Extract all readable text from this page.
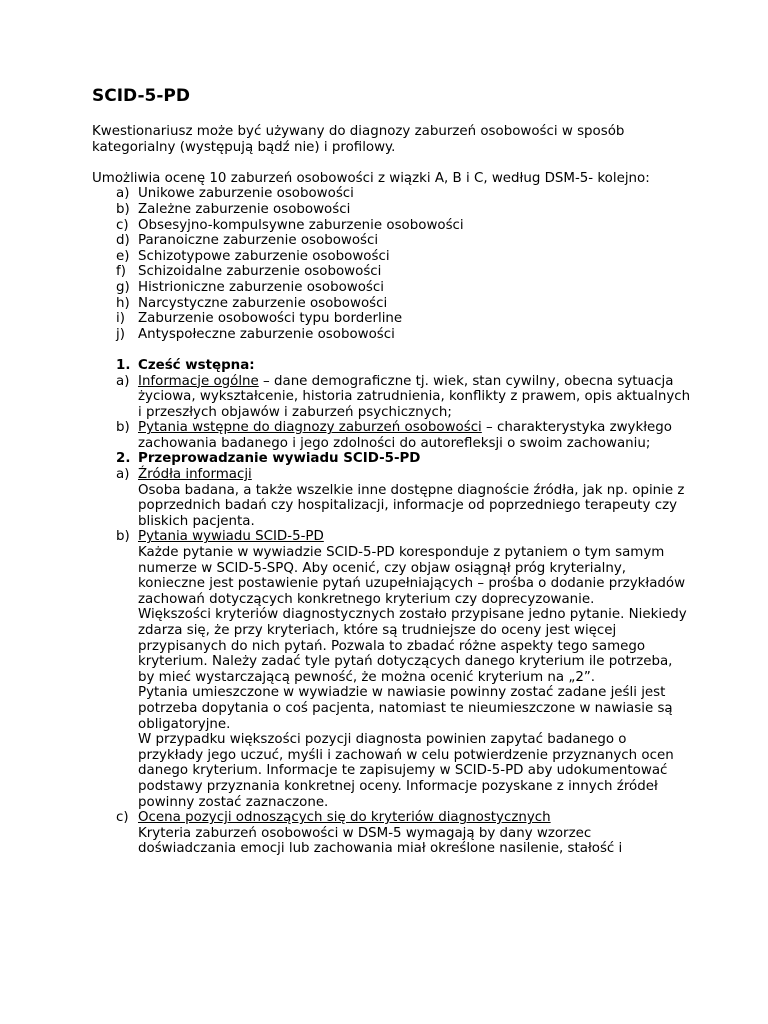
SCID-5-PD

Kwestionariusz może być używany do diagnozy zaburzeń osobowości w sposób kategorialny (występują bądź nie) i profilowy.

Umożliwia ocenę 10 zaburzeń osobowości z wiązki A, B i C, według DSM-5- kolejno:

a) Unikowe zaburzenie osobowości
b) Zależne zaburzenie osobowości
c) Obsesyjno-kompulsywne zaburzenie osobowości
d) Paranoiczne zaburzenie osobowości
e) Schizotypowe zaburzenie osobowości
f) Schizoidalne zaburzenie osobowości
g) Histrioniczne zaburzenie osobowości
h) Narcystyczne zaburzenie osobowości
i) Zaburzenie osobowości typu borderline
j) Antyspołeczne zaburzenie osobowości
1. Cześć wstępna:
a) Informacje ogólne – dane demograficzne tj. wiek, stan cywilny, obecna sytuacja życiowa, wykształcenie, historia zatrudnienia, konflikty z prawem, opis aktualnych i przeszłych objawów i zaburzeń psychicznych;
b) Pytania wstępne do diagnozy zaburzeń osobowości – charakterystyka zwykłego zachowania badanego i jego zdolności do autorefleksji o swoim zachowaniu;
2. Przeprowadzanie wywiadu SCID-5-PD
a) Źródła informacji
Osoba badana, a także wszelkie inne dostępne diagnoście źródła, jak np. opinie z poprzednich badań czy hospitalizacji, informacje od poprzedniego terapeuty czy bliskich pacjenta.
b) Pytania wywiadu SCID-5-PD
Każde pytanie w wywiadzie SCID-5-PD koresponduje z pytaniem o tym samym numerze w SCID-5-SPQ. Aby ocenić, czy objaw osiągnął próg kryterialny, konieczne jest postawienie pytań uzupełniających – prośba o dodanie przykładów zachowań dotyczących konkretnego kryterium czy doprecyzowanie.
Większości kryteriów diagnostycznych zostało przypisane jedno pytanie. Niekiedy zdarza się, że przy kryteriach, które są trudniejsze do oceny jest więcej przypisanych do nich pytań. Pozwala to zbadać różne aspekty tego samego kryterium. Należy zadać tyle pytań dotyczących danego kryterium ile potrzeba, by mieć wystarczającą pewność, że można ocenić kryterium na „2”.
Pytania umieszczone w wywiadzie w nawiasie powinny zostać zadane jeśli jest potrzeba dopytania o coś pacjenta, natomiast te nieumieszczone w nawiasie są obligatoryjne.
W przypadku większości pozycji diagnosta powinien zapytać badanego o przykłady jego uczuć, myśli i zachowań w celu potwierdzenie przyznanych ocen danego kryterium. Informacje te zapisujemy w SCID-5-PD aby udokumentować podstawy przyznania konkretnej oceny. Informacje pozyskane z innych źródeł powinny zostać zaznaczone.
c) Ocena pozycji odnoszących się do kryteriów diagnostycznych
Kryteria zaburzeń osobowości w DSM-5 wymagają by dany wzorzec doświadczania emocji lub zachowania miał określone nasilenie, stałość i
